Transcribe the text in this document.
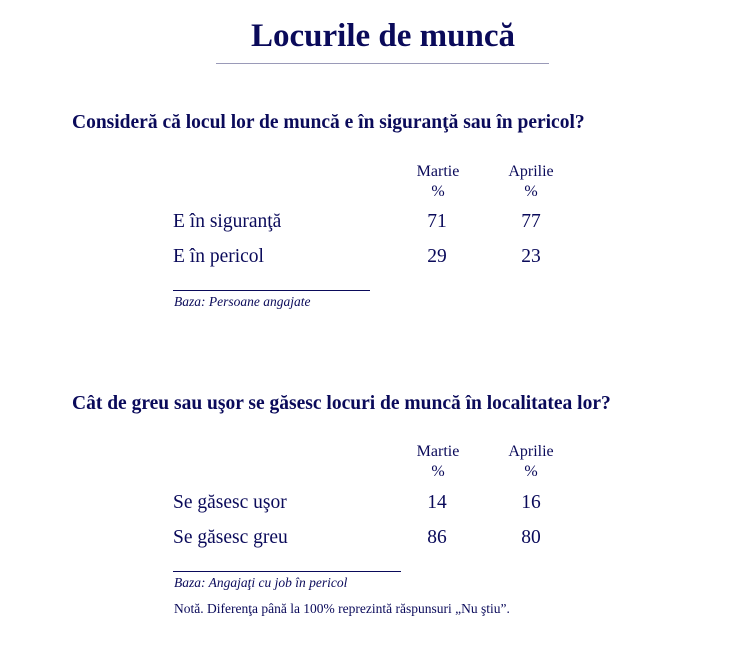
Locurile de muncă
Consideră că locul lor de muncă e în siguranţă sau în pericol?
Martie
%
Aprilie
%
E în siguranţă	71	77
E în pericol	29	23
Baza: Persoane angajate
Cât de greu sau uşor se găsesc locuri de muncă în localitatea lor?
Martie
%
Aprilie
%
Se găsesc uşor	14	16
Se găsesc greu	86	80
Baza: Angajaţi cu job în pericol
Notă. Diferenţa până la 100% reprezintă răspunsuri „Nu ştiu”.
